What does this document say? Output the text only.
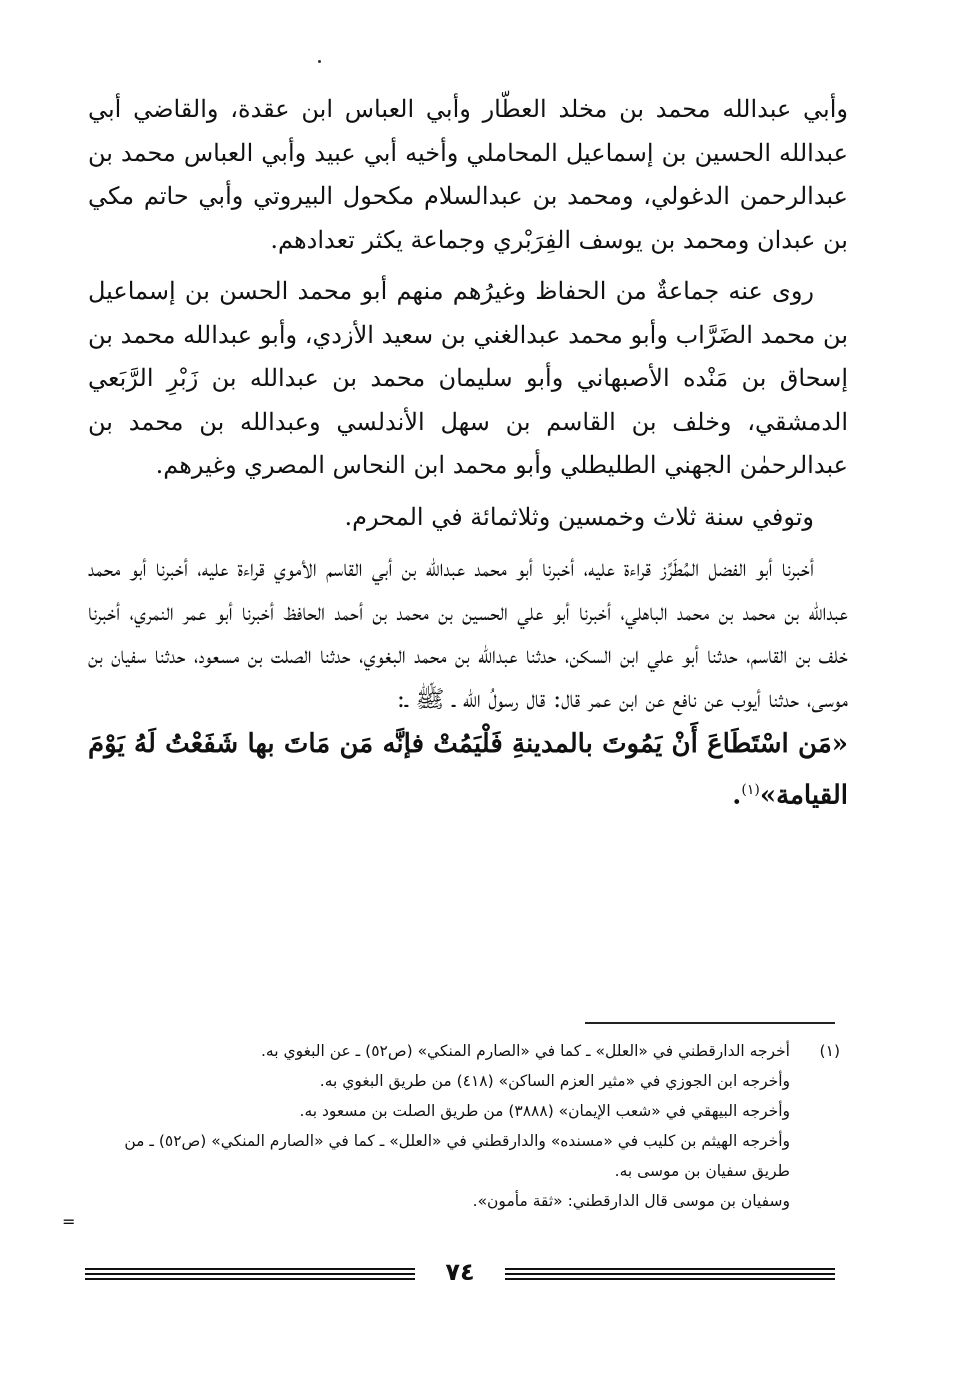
وأبي عبدالله محمد بن مخلد العطّار وأبي العباس ابن عقدة، والقاضي أبي عبدالله الحسين بن إسماعيل المحاملي وأخيه أبي عبيد وأبي العباس محمد بن عبدالرحمن الدغولي، ومحمد بن عبدالسلام مكحول البيروتي وأبي حاتم مكي بن عبدان ومحمد بن يوسف الفِرَبْري وجماعة يكثر تعدادهم.

روى عنه جماعةٌ من الحفاظ وغيرُهم منهم أبو محمد الحسن بن إسماعيل بن محمد الضَرَّاب وأبو محمد عبدالغني بن سعيد الأزدي، وأبو عبدالله محمد بن إسحاق بن مَنْده الأصبهاني وأبو سليمان محمد بن عبدالله بن زَبْرِ الرَّبَعي الدمشقي، وخلف بن القاسم بن سهل الأندلسي وعبدالله بن محمد بن عبدالرحمٰن الجهني الطليطلي وأبو محمد ابن النحاس المصري وغيرهم.

وتوفي سنة ثلاث وخمسين وثلاثمائة في المحرم.

أخبرنا أبو الفضل المُطَرِّز قراءة عليه، أخبرنا أبو محمد عبدالله بن أبي القاسم الأموي قراءة عليه، أخبرنا أبو محمد عبدالله بن محمد بن محمد الباهلي، أخبرنا أبو علي الحسين بن محمد بن أحمد الحافظ أخبرنا أبو عمر النمري، أخبرنا خلف بن القاسم، حدثنا أبو علي ابن السكن، حدثنا عبدالله بن محمد البغوي، حدثنا الصلت بن مسعود، حدثنا سفيان بن موسى، حدثنا أيوب عن نافع عن ابن عمر قال: قال رسولُ الله ـ ﷺ ـ:

«مَن اسْتَطَاعَ أَنْ يَمُوتَ بالمدينةِ فَلْيَمُتْ فإنَّه مَن مَاتَ بها شَفَعْتُ لَهُ يَوْمَ القيامة»$^{(١)}$.

(١)أخرجه الدارقطني في «العلل» ـ كما في «الصارم المنكي» (ص٥٢) ـ عن البغوي به.

وأخرجه ابن الجوزي في «مثير العزم الساكن» (٤١٨) من طريق البغوي به.

وأخرجه البيهقي في «شعب الإيمان» (٣٨٨٨) من طريق الصلت بن مسعود به.

وأخرجه الهيثم بن كليب في «مسنده» والدارقطني في «العلل» ـ كما في «الصارم المنكي» (ص٥٢) ـ من طريق سفيان بن موسى به.

وسفيان بن موسى قال الدارقطني: «ثقة مأمون».

=
٧٤
